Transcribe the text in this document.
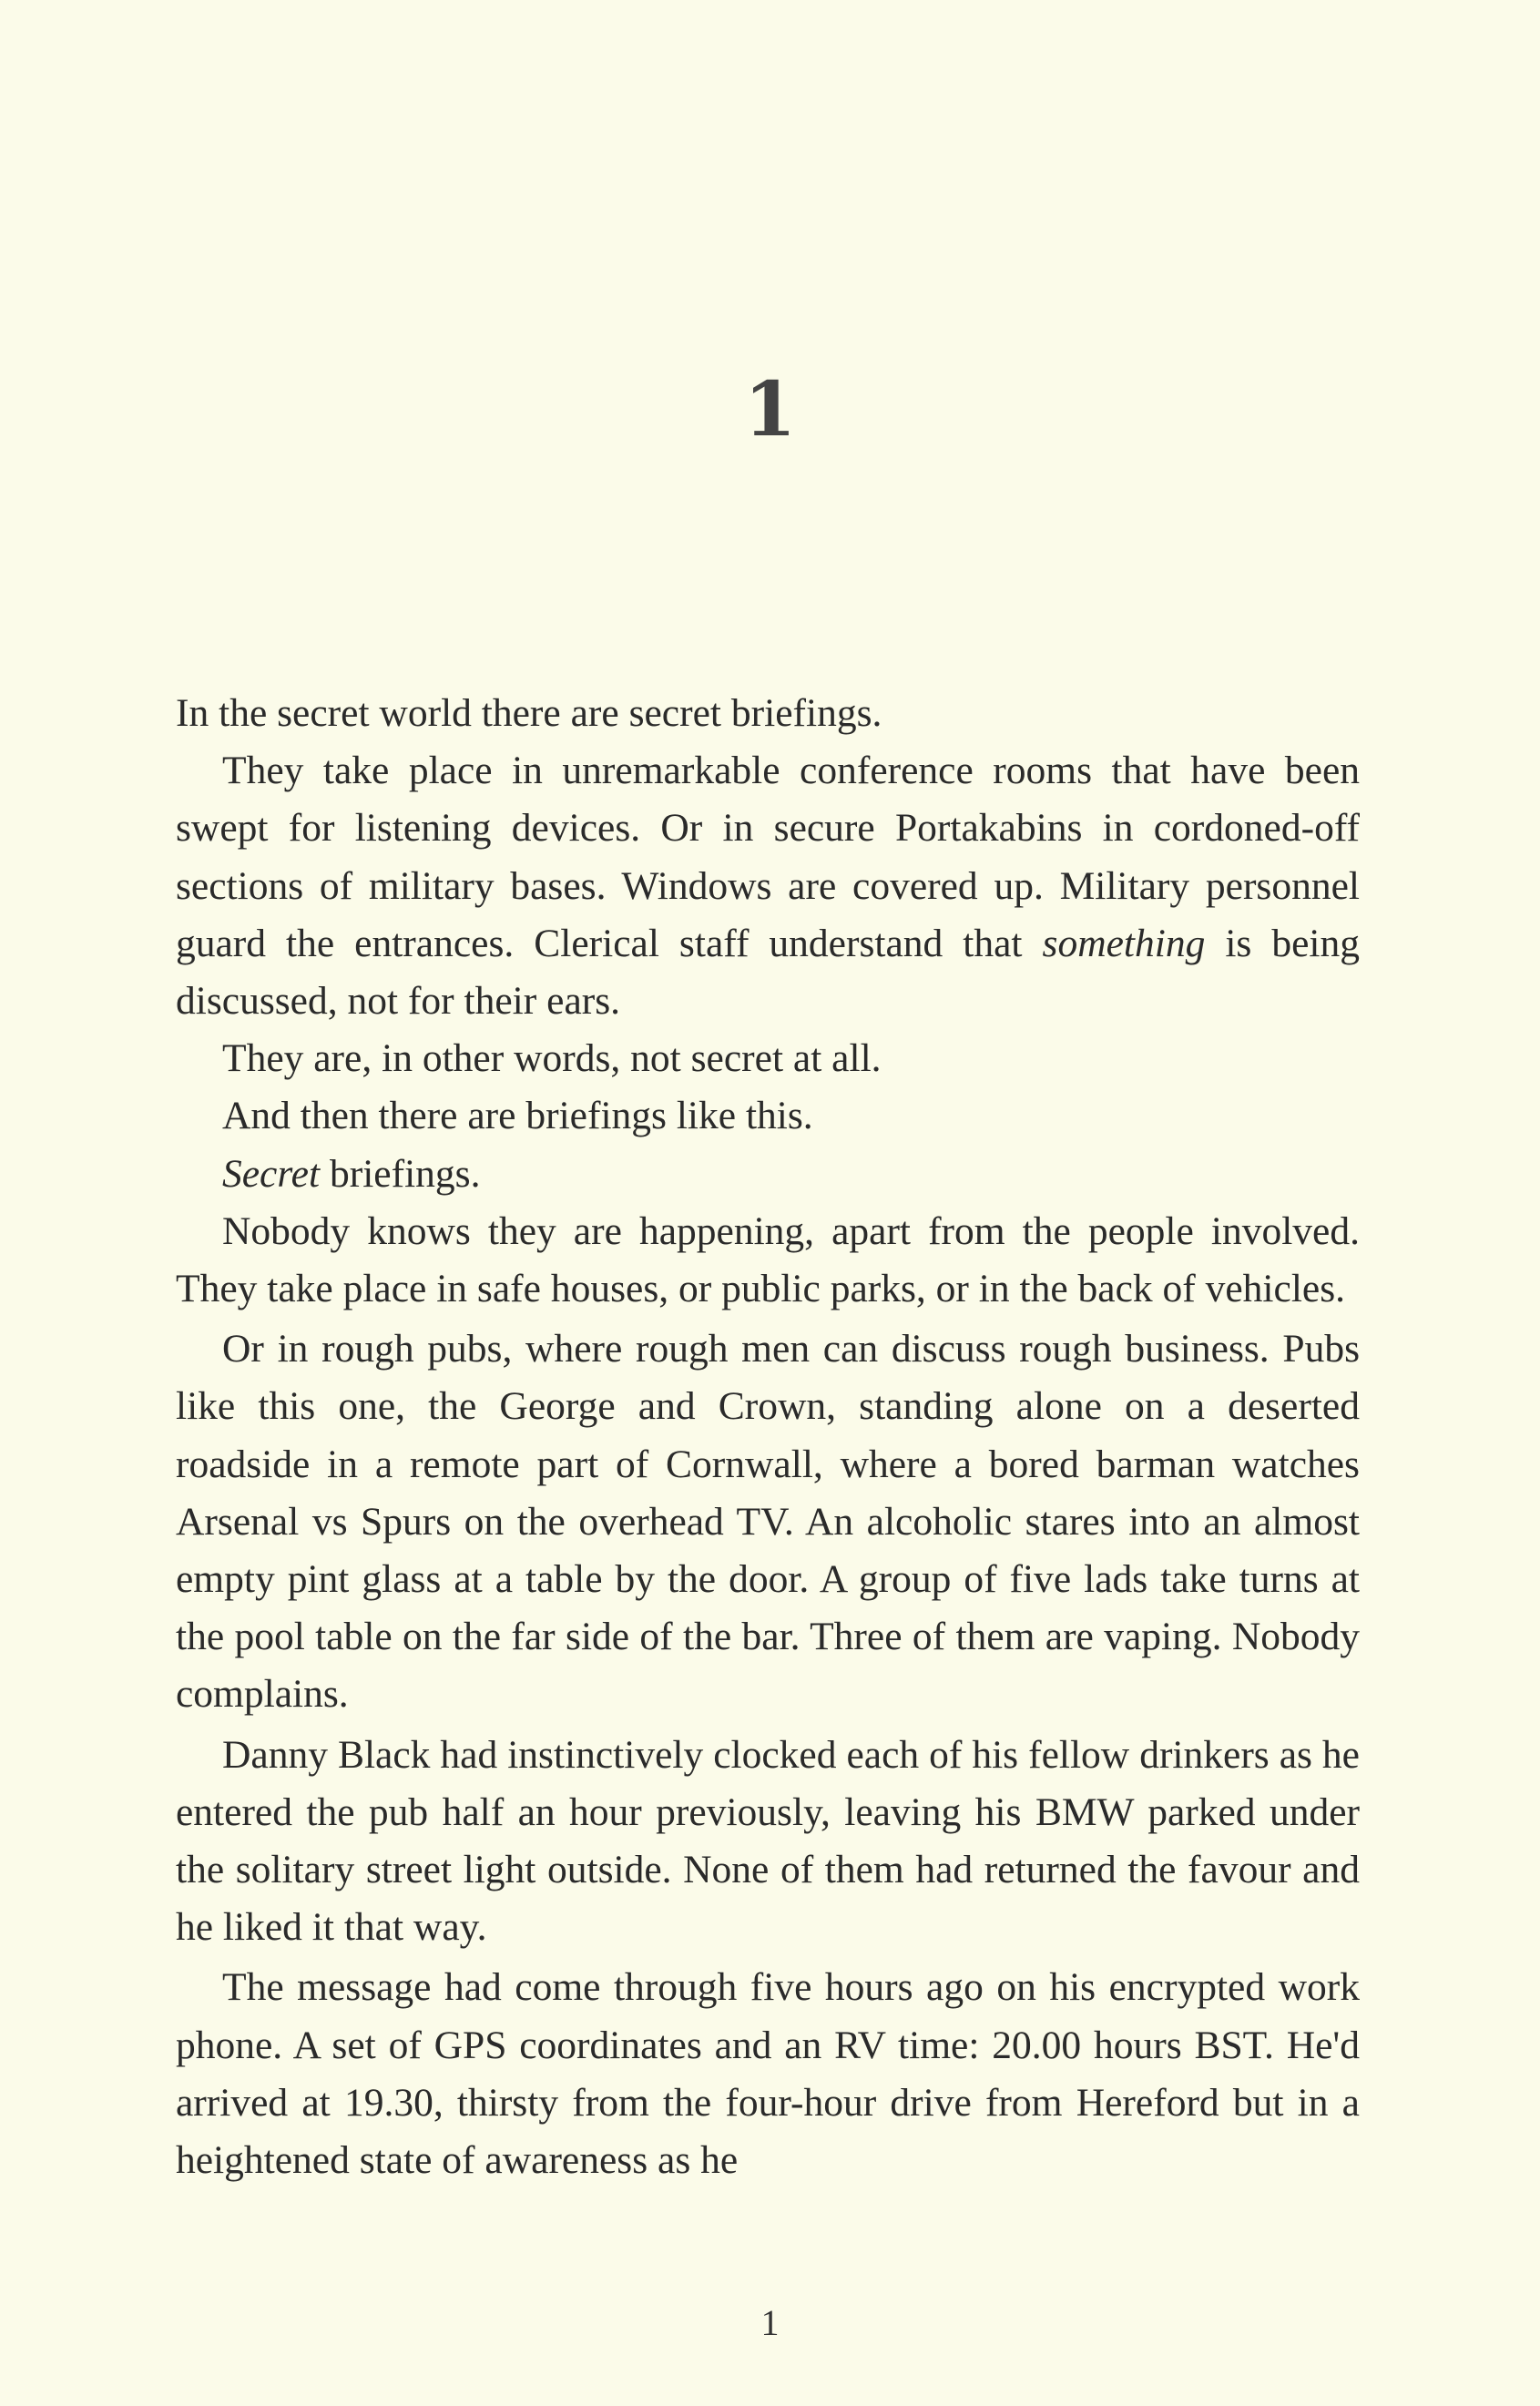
1

In the secret world there are secret briefings.

They take place in unremarkable conference rooms that have been swept for listening devices. Or in secure Portakabins in cordoned-off sections of military bases. Windows are covered up. Military personnel guard the entrances. Clerical staff understand that something is being discussed, not for their ears.

They are, in other words, not secret at all.

And then there are briefings like this.

Secret briefings.

Nobody knows they are happening, apart from the people involved. They take place in safe houses, or public parks, or in the back of vehicles.

Or in rough pubs, where rough men can discuss rough business. Pubs like this one, the George and Crown, standing alone on a deserted roadside in a remote part of Cornwall, where a bored barman watches Arsenal vs Spurs on the overhead TV. An alcoholic stares into an almost empty pint glass at a table by the door. A group of five lads take turns at the pool table on the far side of the bar. Three of them are vaping. Nobody complains.

Danny Black had instinctively clocked each of his fellow drinkers as he entered the pub half an hour previously, leaving his BMW parked under the solitary street light outside. None of them had returned the favour and he liked it that way.

The message had come through five hours ago on his encrypted work phone. A set of GPS coordinates and an RV time: 20.00 hours BST. He'd arrived at 19.30, thirsty from the four-hour drive from Hereford but in a heightened state of awareness as he

1
